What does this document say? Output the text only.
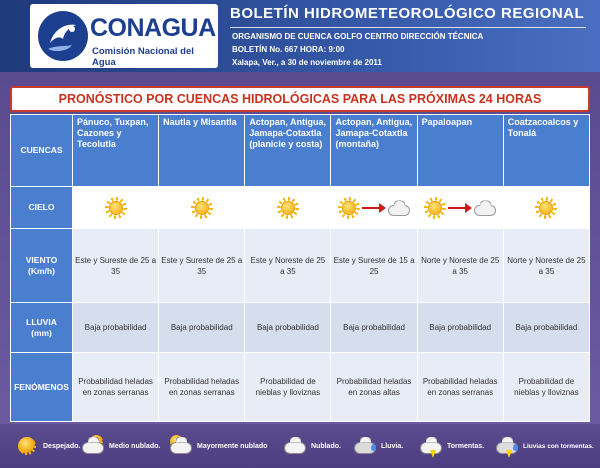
CONAGUA
Comisión Nacional del Agua
BOLETÍN HIDROMETEOROLÓGICO REGIONAL
ORGANISMO DE CUENCA GOLFO CENTRO DIRECCIÓN TÉCNICA
BOLETÍN No. 667 HORA: 9:00
Xalapa, Ver., a 30 de noviembre de 2011
PRONÓSTICO POR CUENCAS HIDROLÓGICAS PARA LAS PRÓXIMAS 24 HORAS
CUENCAS	Pánuco, Tuxpan, Cazones y Tecolutla	Nautla y Misantla	Actopan, Antigua, Jamapa-Cotaxtla (planicie y costa)	Actopan, Antigua, Jamapa-Cotaxtla (montaña)	Papaloapan	Coatzacoalcos y Tonalá
CIELO	

VIENTO
(Km/h)	Este y Sureste de 25 a 35	Este y Sureste de 25 a 35	Este y Noreste de 25 a 35	Este y Sureste de 15 a 25	Norte y Noreste de 25 a 35	Norte y Noreste de 25 a 35
LLUVIA
(mm)	Baja probabilidad	Baja probabilidad	Baja probabilidad	Baja probabilidad	Baja probabilidad	Baja probabilidad
FENÓMENOS	Probabilidad heladas en zonas serranas	Probabilidad heladas en zonas serranas	Probabilidad de nieblas y lloviznas	Probabilidad heladas en zonas altas	Probabilidad heladas en zonas serranas	Probabilidad de nieblas y lloviznas
Despejado.	Medio nublado.	Mayormente nublado	Nublado.	Lluvia.	Tormentas.	Lluvias con tormentas.
